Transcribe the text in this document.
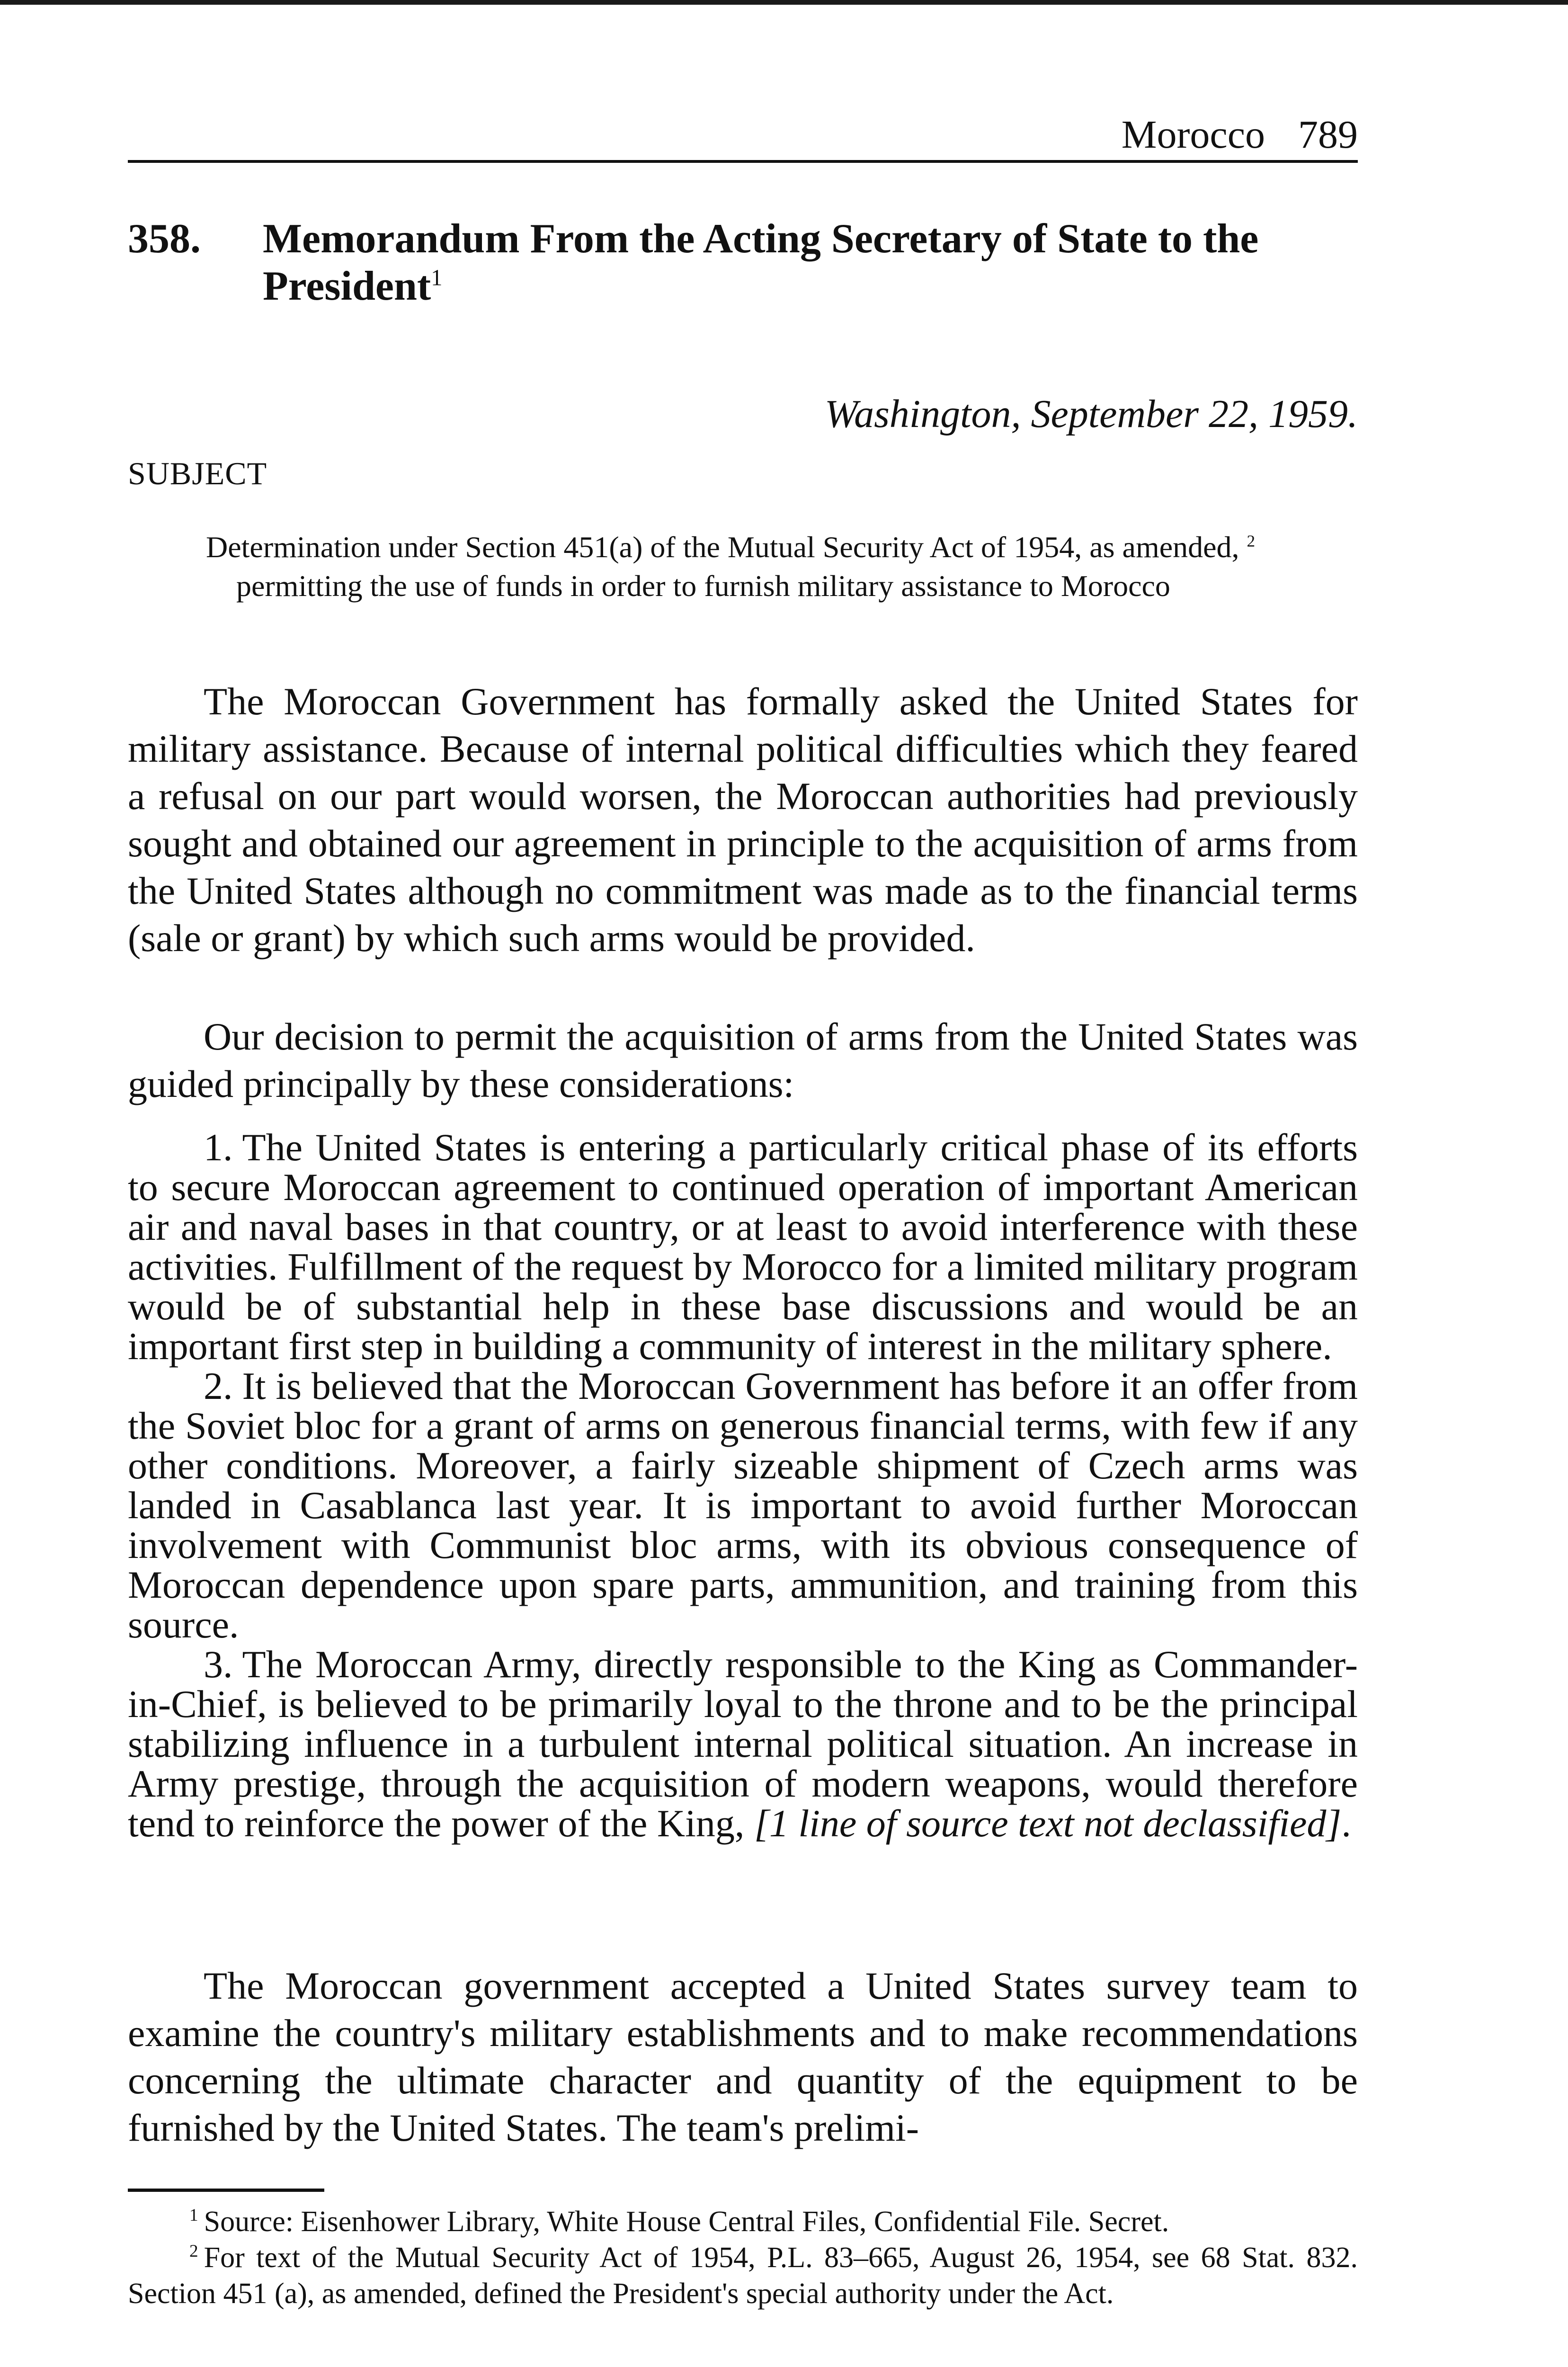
Morocco 789
358. Memorandum From the Acting Secretary of State to the President$^1$
Washington, September 22, 1959.
SUBJECT
Determination under Section 451(a) of the Mutual Security Act of 1954, as amended, $^2$ permitting the use of funds in order to furnish military assistance to Morocco

The Moroccan Government has formally asked the United States for military assistance. Because of internal political difficulties which they feared a refusal on our part would worsen, the Moroccan authorities had previously sought and obtained our agreement in principle to the acquisition of arms from the United States although no commitment was made as to the financial terms (sale or grant) by which such arms would be provided.

Our decision to permit the acquisition of arms from the United States was guided principally by these considerations:

1. The United States is entering a particularly critical phase of its efforts to secure Moroccan agreement to continued operation of important American air and naval bases in that country, or at least to avoid interference with these activities. Fulfillment of the request by Morocco for a limited military program would be of substantial help in these base discussions and would be an important first step in building a community of interest in the military sphere.

2. It is believed that the Moroccan Government has before it an offer from the Soviet bloc for a grant of arms on generous financial terms, with few if any other conditions. Moreover, a fairly sizeable shipment of Czech arms was landed in Casablanca last year. It is important to avoid further Moroccan involvement with Communist bloc arms, with its obvious consequence of Moroccan dependence upon spare parts, ammunition, and training from this source.

3. The Moroccan Army, directly responsible to the King as Commander-in-Chief, is believed to be primarily loyal to the throne and to be the principal stabilizing influence in a turbulent internal political situation. An increase in Army prestige, through the acquisition of modern weapons, would therefore tend to reinforce the power of the King, [1 line of source text not declassified].

The Moroccan government accepted a United States survey team to examine the country's military establishments and to make recommendations concerning the ultimate character and quantity of the equipment to be furnished by the United States. The team's prelimi-

$^1$ Source: Eisenhower Library, White House Central Files, Confidential File. Secret.

$^2$ For text of the Mutual Security Act of 1954, P.L. 83–665, August 26, 1954, see 68 Stat. 832. Section 451 (a), as amended, defined the President's special authority under the Act.
